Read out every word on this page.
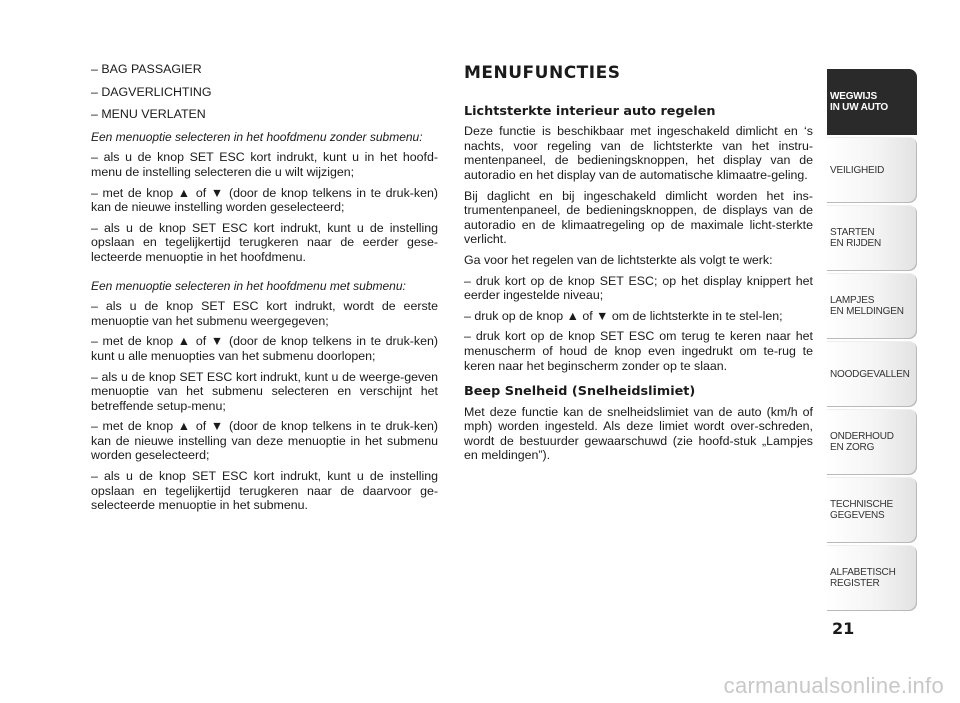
– BAG PASSAGIER

– DAGVERLICHTING

– MENU VERLATEN

Een menuoptie selecteren in het hoofdmenu zonder submenu:

– als u de knop SET ESC kort indrukt, kunt u in het hoofd-menu de instelling selecteren die u wilt wijzigen;

– met de knop ▲ of ▼ (door de knop telkens in te druk-ken) kan de nieuwe instelling worden geselecteerd;

– als u de knop SET ESC kort indrukt, kunt u de instelling opslaan en tegelijkertijd terugkeren naar de eerder gese-lecteerde menuoptie in het hoofdmenu.

Een menuoptie selecteren in het hoofdmenu met submenu:

– als u de knop SET ESC kort indrukt, wordt de eerste menuoptie van het submenu weergegeven;

– met de knop ▲ of ▼ (door de knop telkens in te druk-ken) kunt u alle menuopties van het submenu doorlopen;

– als u de knop SET ESC kort indrukt, kunt u de weerge-geven menuoptie van het submenu selecteren en verschijnt het betreffende setup-menu;

– met de knop ▲ of ▼ (door de knop telkens in te druk-ken) kan de nieuwe instelling van deze menuoptie in het submenu worden geselecteerd;

– als u de knop SET ESC kort indrukt, kunt u de instelling opslaan en tegelijkertijd terugkeren naar de daarvoor ge-selecteerde menuoptie in het submenu.

MENUFUNCTIES
Lichtsterkte interieur auto regelen

Deze functie is beschikbaar met ingeschakeld dimlicht en ‘s nachts, voor regeling van de lichtsterkte van het instru-mentenpaneel, de bedieningsknoppen, het display van de autoradio en het display van de automatische klimaatre-geling.

Bij daglicht en bij ingeschakeld dimlicht worden het ins-trumentenpaneel, de bedieningsknoppen, de displays van de autoradio en de klimaatregeling op de maximale licht-sterkte verlicht.

Ga voor het regelen van de lichtsterkte als volgt te werk:

– druk kort op de knop SET ESC; op het display knippert het eerder ingestelde niveau;

– druk op de knop ▲ of ▼ om de lichtsterkte in te stel-len;

– druk kort op de knop SET ESC om terug te keren naar het menuscherm of houd de knop even ingedrukt om te-rug te keren naar het beginscherm zonder op te slaan.

Beep Snelheid (Snelheidslimiet)

Met deze functie kan de snelheidslimiet van de auto (km/h of mph) worden ingesteld. Als deze limiet wordt over-schreden, wordt de bestuurder gewaarschuwd (zie hoofd-stuk „Lampjes en meldingen”).

WEGWIJS
IN UW AUTO
VEILIGHEID
STARTEN
EN RIJDEN
LAMPJES
EN MELDINGEN
NOODGEVALLEN
ONDERHOUD
EN ZORG
TECHNISCHE
GEGEVENS
ALFABETISCH
REGISTER
21
carmanualsonline.info
